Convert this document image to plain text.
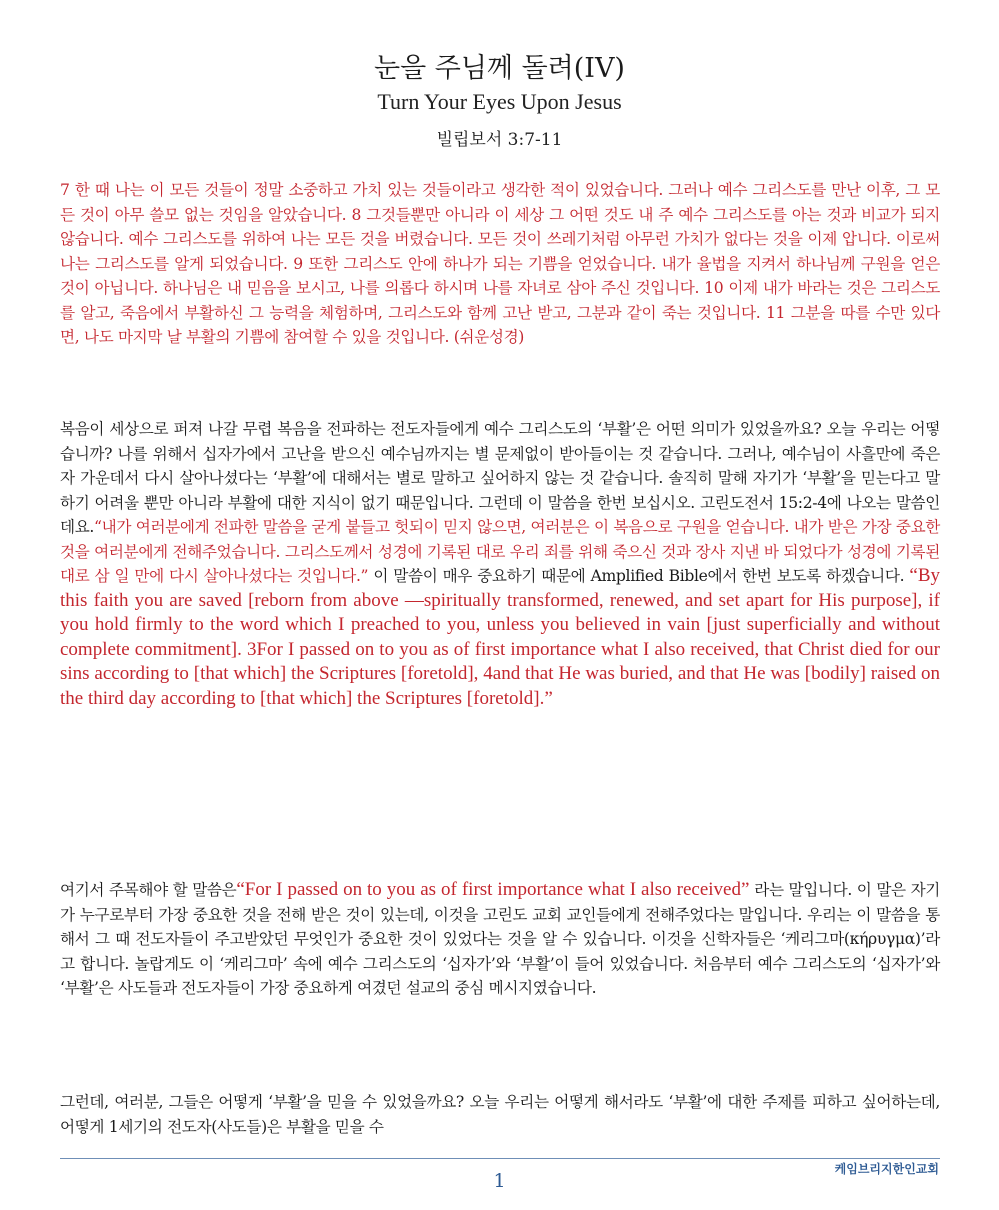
눈을 주님께 돌려(IV)
Turn Your Eyes Upon Jesus
빌립보서 3:7-11

7 한 때 나는 이 모든 것들이 정말 소중하고 가치 있는 것들이라고 생각한 적이 있었습니다. 그러나 예수 그리스도를 만난 이후, 그 모든 것이 아무 쓸모 없는 것임을 알았습니다. 8 그것들뿐만 아니라 이 세상 그 어떤 것도 내 주 예수 그리스도를 아는 것과 비교가 되지 않습니다. 예수 그리스도를 위하여 나는 모든 것을 버렸습니다. 모든 것이 쓰레기처럼 아무런 가치가 없다는 것을 이제 압니다. 이로써 나는 그리스도를 알게 되었습니다. 9 또한 그리스도 안에 하나가 되는 기쁨을 얻었습니다. 내가 율법을 지켜서 하나님께 구원을 얻은 것이 아닙니다. 하나님은 내 믿음을 보시고, 나를 의롭다 하시며 나를 자녀로 삼아 주신 것입니다. 10 이제 내가 바라는 것은 그리스도를 알고, 죽음에서 부활하신 그 능력을 체험하며, 그리스도와 함께 고난 받고, 그분과 같이 죽는 것입니다. 11 그분을 따를 수만 있다면, 나도 마지막 날 부활의 기쁨에 참여할 수 있을 것입니다. (쉬운성경)

복음이 세상으로 퍼져 나갈 무렵 복음을 전파하는 전도자들에게 예수 그리스도의 ‘부활’은 어떤 의미가 있었을까요? 오늘 우리는 어떻습니까? 나를 위해서 십자가에서 고난을 받으신 예수님까지는 별 문제없이 받아들이는 것 같습니다. 그러나, 예수님이 사흘만에 죽은 자 가운데서 다시 살아나셨다는 ‘부활’에 대해서는 별로 말하고 싶어하지 않는 것 같습니다. 솔직히 말해 자기가 ‘부활’을 믿는다고 말하기 어려울 뿐만 아니라 부활에 대한 지식이 없기 때문입니다. 그런데 이 말씀을 한번 보십시오. 고린도전서 15:2-4에 나오는 말씀인데요.“내가 여러분에게 전파한 말씀을 굳게 붙들고 헛되이 믿지 않으면, 여러분은 이 복음으로 구원을 얻습니다. 내가 받은 가장 중요한 것을 여러분에게 전해주었습니다. 그리스도께서 성경에 기록된 대로 우리 죄를 위해 죽으신 것과 장사 지낸 바 되었다가 성경에 기록된 대로 삼 일 만에 다시 살아나셨다는 것입니다.” 이 말씀이 매우 중요하기 때문에 Amplified Bible에서 한번 보도록 하겠습니다. “By this faith you are saved [reborn from above —spiritually transformed, renewed, and set apart for His purpose], if you hold firmly to the word which I preached to you, unless you believed in vain [just superficially and without complete commitment]. 3For I passed on to you as of first importance what I also received, that Christ died for our sins according to [that which] the Scriptures [foretold], 4and that He was buried, and that He was [bodily] raised on the third day according to [that which] the Scriptures [foretold].”

여기서 주목해야 할 말씀은“For I passed on to you as of first importance what I also received” 라는 말입니다. 이 말은 자기가 누구로부터 가장 중요한 것을 전해 받은 것이 있는데, 이것을 고린도 교회 교인들에게 전해주었다는 말입니다. 우리는 이 말씀을 통해서 그 때 전도자들이 주고받았던 무엇인가 중요한 것이 있었다는 것을 알 수 있습니다. 이것을 신학자들은 ‘케리그마(κήρυγμα)’라고 합니다. 놀랍게도 이 ‘케리그마’ 속에 예수 그리스도의 ‘십자가’와 ‘부활’이 들어 있었습니다. 처음부터 예수 그리스도의 ‘십자가’와 ‘부활’은 사도들과 전도자들이 가장 중요하게 여겼던 설교의 중심 메시지였습니다.

그런데, 여러분, 그들은 어떻게 ‘부활’을 믿을 수 있었을까요? 오늘 우리는 어떻게 해서라도 ‘부활’에 대한 주제를 피하고 싶어하는데, 어떻게 1세기의 전도자(사도들)은 부활을 믿을 수

1
케임브리지한인교회
